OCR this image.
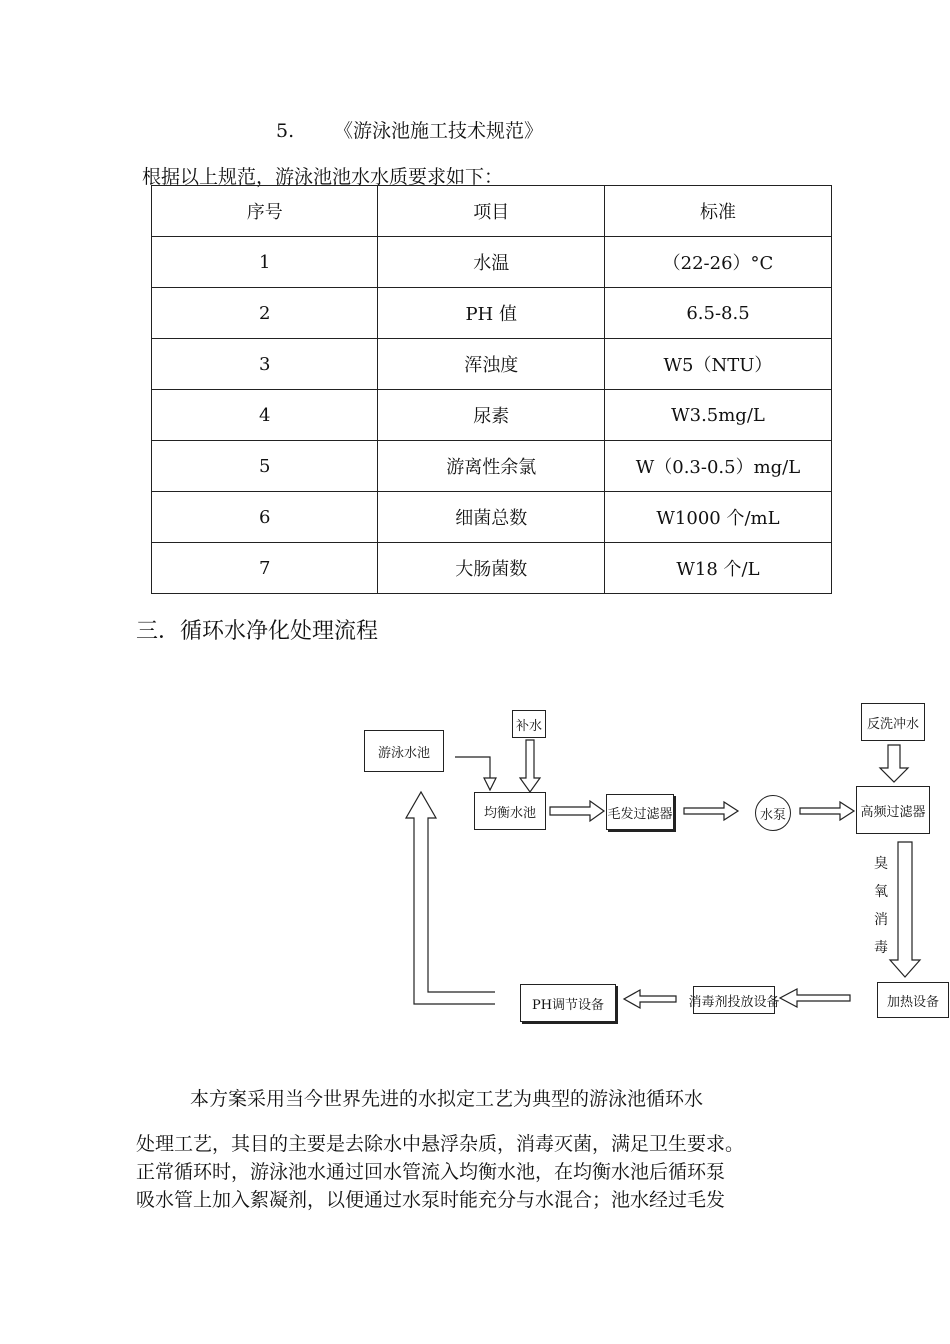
5. 《游泳池施工技术规范》
根据以上规范，游泳池池水水质要求如下：
序号	项目	标准
1	水温	（22-26）°C
2	PH 值	6.5-8.5
3	浑浊度	W5（NTU）
4	尿素	W3.5mg/L
5	游离性余氯	W（0.3-0.5）mg/L
6	细菌总数	W1000 个/mL
7	大肠菌数	W18 个/L
三．循环水净化处理流程
游泳水池
补水
均衡水池	毛发过滤器	水泵
反洗冲水
高频过滤器
臭氧消毒
加热设备
消毒剂投放设备
PH调节设备
本方案采用当今世界先进的水拟定工艺为典型的游泳池循环水
处理工艺，其目的主要是去除水中悬浮杂质，消毒灭菌，满足卫生要求。
正常循环时，游泳池水通过回水管流入均衡水池，在均衡水池后循环泵
吸水管上加入絮凝剂，以便通过水泵时能充分与水混合；池水经过毛发
